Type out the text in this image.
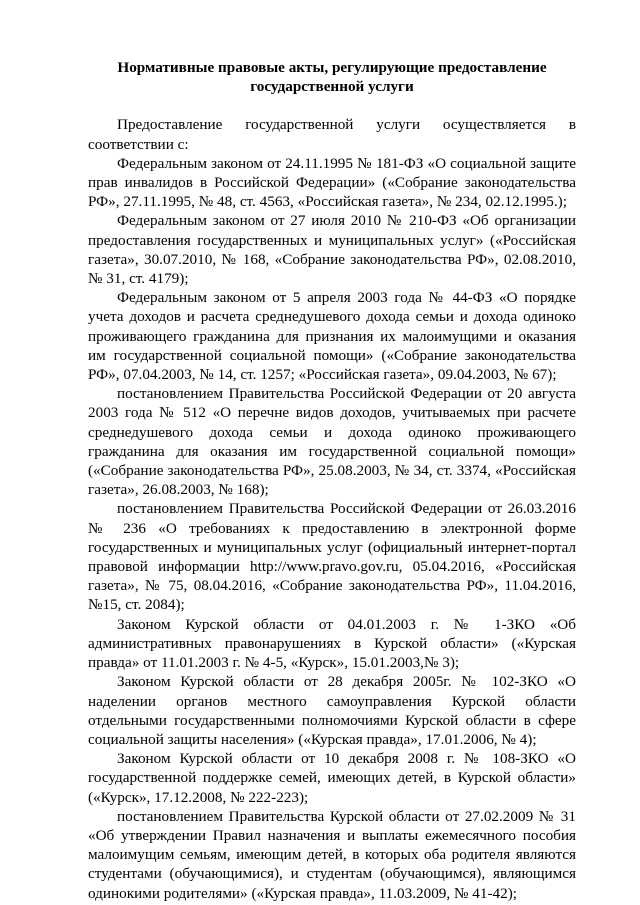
Нормативные правовые акты, регулирующие предоставление
государственной услуги

Предоставление государственной услуги осуществляется в соответствии с:

Федеральным законом от 24.11.1995 № 181-ФЗ «О социальной защите прав инвалидов в Российской Федерации» («Собрание законодательства РФ», 27.11.1995, № 48, ст. 4563, «Российская газета», № 234, 02.12.1995.);

Федеральным законом от 27 июля 2010 № 210-ФЗ «Об организации предоставления государственных и муниципальных услуг» («Российская газета», 30.07.2010, № 168, «Собрание законодательства РФ», 02.08.2010, № 31, ст. 4179);

Федеральным законом от 5 апреля 2003 года № 44-ФЗ «О порядке учета доходов и расчета среднедушевого дохода семьи и дохода одиноко проживающего гражданина для признания их малоимущими и оказания им государственной социальной помощи» («Собрание законодательства РФ», 07.04.2003, № 14, ст. 1257; «Российская газета», 09.04.2003, № 67);

постановлением Правительства Российской Федерации от 20 августа 2003 года № 512 «О перечне видов доходов, учитываемых при расчете среднедушевого дохода семьи и дохода одиноко проживающего гражданина для оказания им государственной социальной помощи» («Собрание законодательства РФ», 25.08.2003, № 34, ст. 3374, «Российская газета», 26.08.2003, № 168);

постановлением Правительства Российской Федерации от 26.03.2016 № 236 «О требованиях к предоставлению в электронной форме государственных и муниципальных услуг (официальный интернет-портал правовой информации http://www.pravo.gov.ru, 05.04.2016, «Российская газета», № 75, 08.04.2016, «Собрание законодательства РФ», 11.04.2016, №15, ст. 2084);

Законом Курской области от 04.01.2003 г. № 1-ЗКО «Об административных правонарушениях в Курской области» («Курская правда» от 11.01.2003 г. № 4-5, «Курск», 15.01.2003,№ 3);

Законом Курской области от 28 декабря 2005г. № 102-ЗКО «О наделении органов местного самоуправления Курской области отдельными государственными полномочиями Курской области в сфере социальной защиты населения» («Курская правда», 17.01.2006, № 4);

Законом Курской области от 10 декабря 2008 г. № 108-ЗКО «О государственной поддержке семей, имеющих детей, в Курской области» («Курск», 17.12.2008, № 222-223);

постановлением Правительства Курской области от 27.02.2009 № 31 «Об утверждении Правил назначения и выплаты ежемесячного пособия малоимущим семьям, имеющим детей, в которых оба родителя являются студентами (обучающимися), и студентам (обучающимся), являющимся одинокими родителями» («Курская правда», 11.03.2009, № 41-42);
